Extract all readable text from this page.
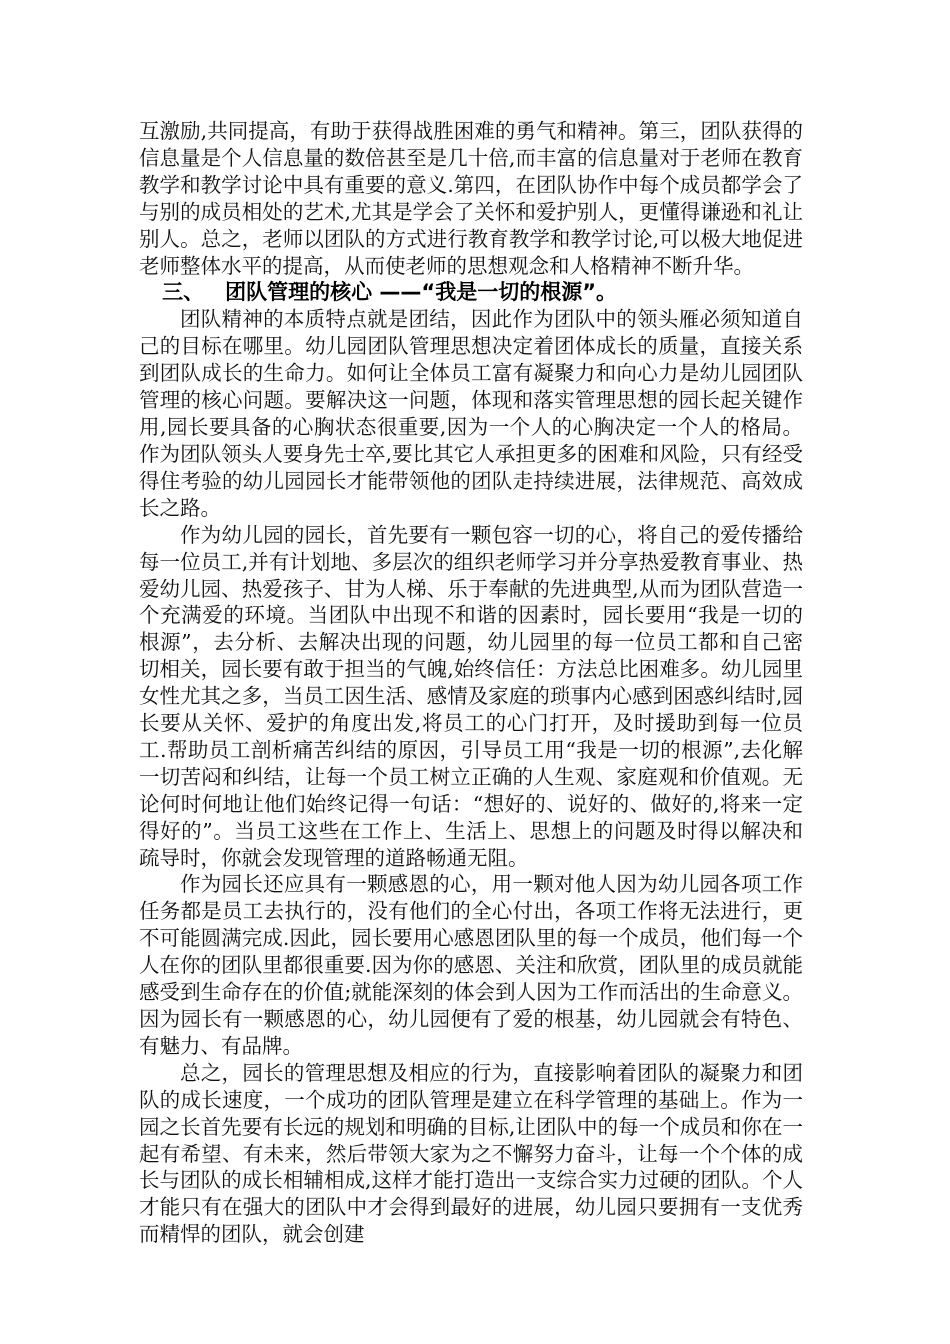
互激励,共同提高，有助于获得战胜困难的勇气和精神。第三，团队获得的信息量是个人信息量的数倍甚至是几十倍,而丰富的信息量对于老师在教育教学和教学讨论中具有重要的意义.第四，在团队协作中每个成员都学会了与别的成员相处的艺术,尤其是学会了关怀和爱护别人，更懂得谦逊和礼让别人。总之，老师以团队的方式进行教育教学和教学讨论,可以极大地促进老师整体水平的提高，从而使老师的思想观念和人格精神不断升华。

三、 团队管理的核心 ——“我是一切的根源”。

团队精神的本质特点就是团结，因此作为团队中的领头雁必须知道自己的目标在哪里。幼儿园团队管理思想决定着团体成长的质量，直接关系到团队成长的生命力。如何让全体员工富有凝聚力和向心力是幼儿园团队管理的核心问题。要解决这一问题，体现和落实管理思想的园长起关键作用,园长要具备的心胸状态很重要,因为一个人的心胸决定一个人的格局。作为团队领头人要身先士卒,要比其它人承担更多的困难和风险，只有经受得住考验的幼儿园园长才能带领他的团队走持续进展，法律规范、高效成长之路。

作为幼儿园的园长，首先要有一颗包容一切的心，将自己的爱传播给每一位员工,并有计划地、多层次的组织老师学习并分享热爱教育事业、热爱幼儿园、热爱孩子、甘为人梯、乐于奉献的先进典型,从而为团队营造一个充满爱的环境。当团队中出现不和谐的因素时，园长要用“我是一切的根源”，去分析、去解决出现的问题，幼儿园里的每一位员工都和自己密切相关，园长要有敢于担当的气魄,始终信任：方法总比困难多。幼儿园里女性尤其之多，当员工因生活、感情及家庭的琐事内心感到困惑纠结时,园长要从关怀、爱护的角度出发,将员工的心门打开，及时援助到每一位员工.帮助员工剖析痛苦纠结的原因，引导员工用“我是一切的根源”,去化解一切苦闷和纠结，让每一个员工树立正确的人生观、家庭观和价值观。无论何时何地让他们始终记得一句话：“想好的、说好的、做好的,将来一定得好的”。当员工这些在工作上、生活上、思想上的问题及时得以解决和疏导时，你就会发现管理的道路畅通无阻。

作为园长还应具有一颗感恩的心，用一颗对他人因为幼儿园各项工作任务都是员工去执行的，没有他们的全心付出，各项工作将无法进行，更不可能圆满完成.因此，园长要用心感恩团队里的每一个成员，他们每一个人在你的团队里都很重要.因为你的感恩、关注和欣赏，团队里的成员就能感受到生命存在的价值;就能深刻的体会到人因为工作而活出的生命意义。因为园长有一颗感恩的心，幼儿园便有了爱的根基，幼儿园就会有特色、有魅力、有品牌。

总之，园长的管理思想及相应的行为，直接影响着团队的凝聚力和团队的成长速度，一个成功的团队管理是建立在科学管理的基础上。作为一园之长首先要有长远的规划和明确的目标,让团队中的每一个成员和你在一起有希望、有未来，然后带领大家为之不懈努力奋斗，让每一个个体的成长与团队的成长相辅相成,这样才能打造出一支综合实力过硬的团队。个人才能只有在强大的团队中才会得到最好的进展，幼儿园只要拥有一支优秀而精悍的团队，就会创建
